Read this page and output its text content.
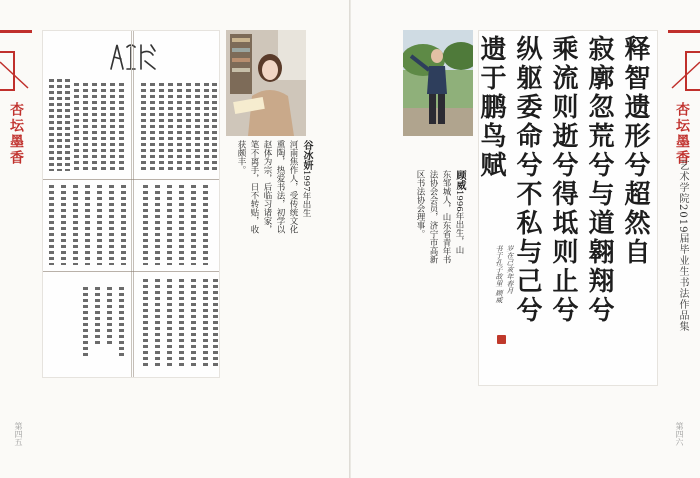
杏坛墨香
第四五
谷冰妍1997年出生
河南焦作人，受传统文化
熏陶，热爱书法，初学以
赵体为宗，后临习诸家，
笔不离手，日不转贴，收
获颇丰。
顾威1996年出生，山
东邹城人，山东省青年书
法协会会员，济宁市高新
区书法协会理事。	释智遗形兮超然自
寂廓忽荒兮与道翱翔兮
乘流则逝兮得坻则止兮
纵躯委命兮不私与己兮
遗于鹏鸟赋
岁在己亥年春月
书于孔子故里 顾威
杏坛墨香
艺术学院2019届毕业生书法作品集
第四六
